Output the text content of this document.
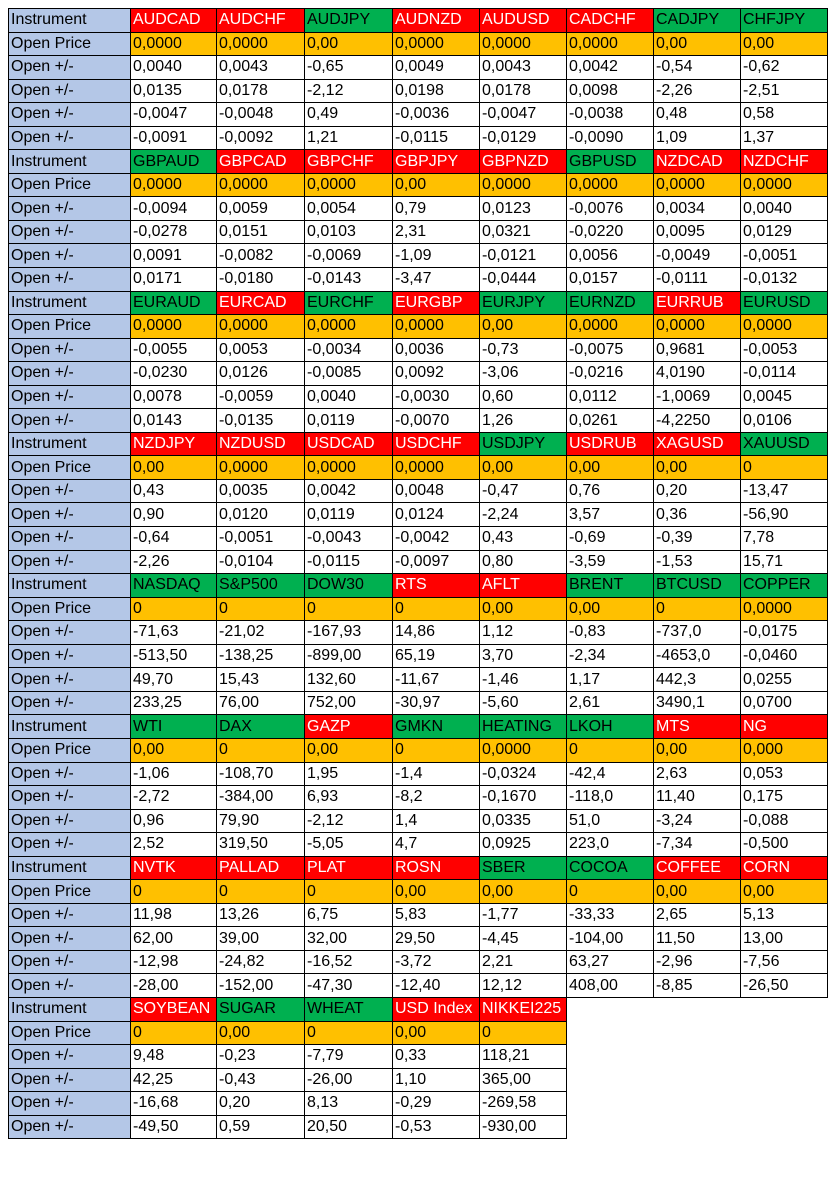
Instrument	AUDCAD	AUDCHF	AUDJPY	AUDNZD	AUDUSD	CADCHF	CADJPY	CHFJPY
Open Price	0,0000	0,0000	0,00	0,0000	0,0000	0,0000	0,00	0,00
Open +/-	0,0040	0,0043	-0,65	0,0049	0,0043	0,0042	-0,54	-0,62
Open +/-	0,0135	0,0178	-2,12	0,0198	0,0178	0,0098	-2,26	-2,51
Open +/-	-0,0047	-0,0048	0,49	-0,0036	-0,0047	-0,0038	0,48	0,58
Open +/-	-0,0091	-0,0092	1,21	-0,0115	-0,0129	-0,0090	1,09	1,37
Instrument	GBPAUD	GBPCAD	GBPCHF	GBPJPY	GBPNZD	GBPUSD	NZDCAD	NZDCHF
Open Price	0,0000	0,0000	0,0000	0,00	0,0000	0,0000	0,0000	0,0000
Open +/-	-0,0094	0,0059	0,0054	0,79	0,0123	-0,0076	0,0034	0,0040
Open +/-	-0,0278	0,0151	0,0103	2,31	0,0321	-0,0220	0,0095	0,0129
Open +/-	0,0091	-0,0082	-0,0069	-1,09	-0,0121	0,0056	-0,0049	-0,0051
Open +/-	0,0171	-0,0180	-0,0143	-3,47	-0,0444	0,0157	-0,0111	-0,0132
Instrument	EURAUD	EURCAD	EURCHF	EURGBP	EURJPY	EURNZD	EURRUB	EURUSD
Open Price	0,0000	0,0000	0,0000	0,0000	0,00	0,0000	0,0000	0,0000
Open +/-	-0,0055	0,0053	-0,0034	0,0036	-0,73	-0,0075	0,9681	-0,0053
Open +/-	-0,0230	0,0126	-0,0085	0,0092	-3,06	-0,0216	4,0190	-0,0114
Open +/-	0,0078	-0,0059	0,0040	-0,0030	0,60	0,0112	-1,0069	0,0045
Open +/-	0,0143	-0,0135	0,0119	-0,0070	1,26	0,0261	-4,2250	0,0106
Instrument	NZDJPY	NZDUSD	USDCAD	USDCHF	USDJPY	USDRUB	XAGUSD	XAUUSD
Open Price	0,00	0,0000	0,0000	0,0000	0,00	0,00	0,00	0
Open +/-	0,43	0,0035	0,0042	0,0048	-0,47	0,76	0,20	-13,47
Open +/-	0,90	0,0120	0,0119	0,0124	-2,24	3,57	0,36	-56,90
Open +/-	-0,64	-0,0051	-0,0043	-0,0042	0,43	-0,69	-0,39	7,78
Open +/-	-2,26	-0,0104	-0,0115	-0,0097	0,80	-3,59	-1,53	15,71
Instrument	NASDAQ	S&P500	DOW30	RTS	AFLT	BRENT	BTCUSD	COPPER
Open Price	0	0	0	0	0,00	0,00	0	0,0000
Open +/-	-71,63	-21,02	-167,93	14,86	1,12	-0,83	-737,0	-0,0175
Open +/-	-513,50	-138,25	-899,00	65,19	3,70	-2,34	-4653,0	-0,0460
Open +/-	49,70	15,43	132,60	-11,67	-1,46	1,17	442,3	0,0255
Open +/-	233,25	76,00	752,00	-30,97	-5,60	2,61	3490,1	0,0700
Instrument	WTI	DAX	GAZP	GMKN	HEATING	LKOH	MTS	NG
Open Price	0,00	0	0,00	0	0,0000	0	0,00	0,000
Open +/-	-1,06	-108,70	1,95	-1,4	-0,0324	-42,4	2,63	0,053
Open +/-	-2,72	-384,00	6,93	-8,2	-0,1670	-118,0	11,40	0,175
Open +/-	0,96	79,90	-2,12	1,4	0,0335	51,0	-3,24	-0,088
Open +/-	2,52	319,50	-5,05	4,7	0,0925	223,0	-7,34	-0,500
Instrument	NVTK	PALLAD	PLAT	ROSN	SBER	COCOA	COFFEE	CORN
Open Price	0	0	0	0,00	0,00	0	0,00	0,00
Open +/-	11,98	13,26	6,75	5,83	-1,77	-33,33	2,65	5,13
Open +/-	62,00	39,00	32,00	29,50	-4,45	-104,00	11,50	13,00
Open +/-	-12,98	-24,82	-16,52	-3,72	2,21	63,27	-2,96	-7,56
Open +/-	-28,00	-152,00	-47,30	-12,40	12,12	408,00	-8,85	-26,50
Instrument	SOYBEAN	SUGAR	WHEAT	USD Index	NIKKEI225			
Open Price	0	0,00	0	0,00	0			
Open +/-	9,48	-0,23	-7,79	0,33	118,21			
Open +/-	42,25	-0,43	-26,00	1,10	365,00			
Open +/-	-16,68	0,20	8,13	-0,29	-269,58			
Open +/-	-49,50	0,59	20,50	-0,53	-930,00			
